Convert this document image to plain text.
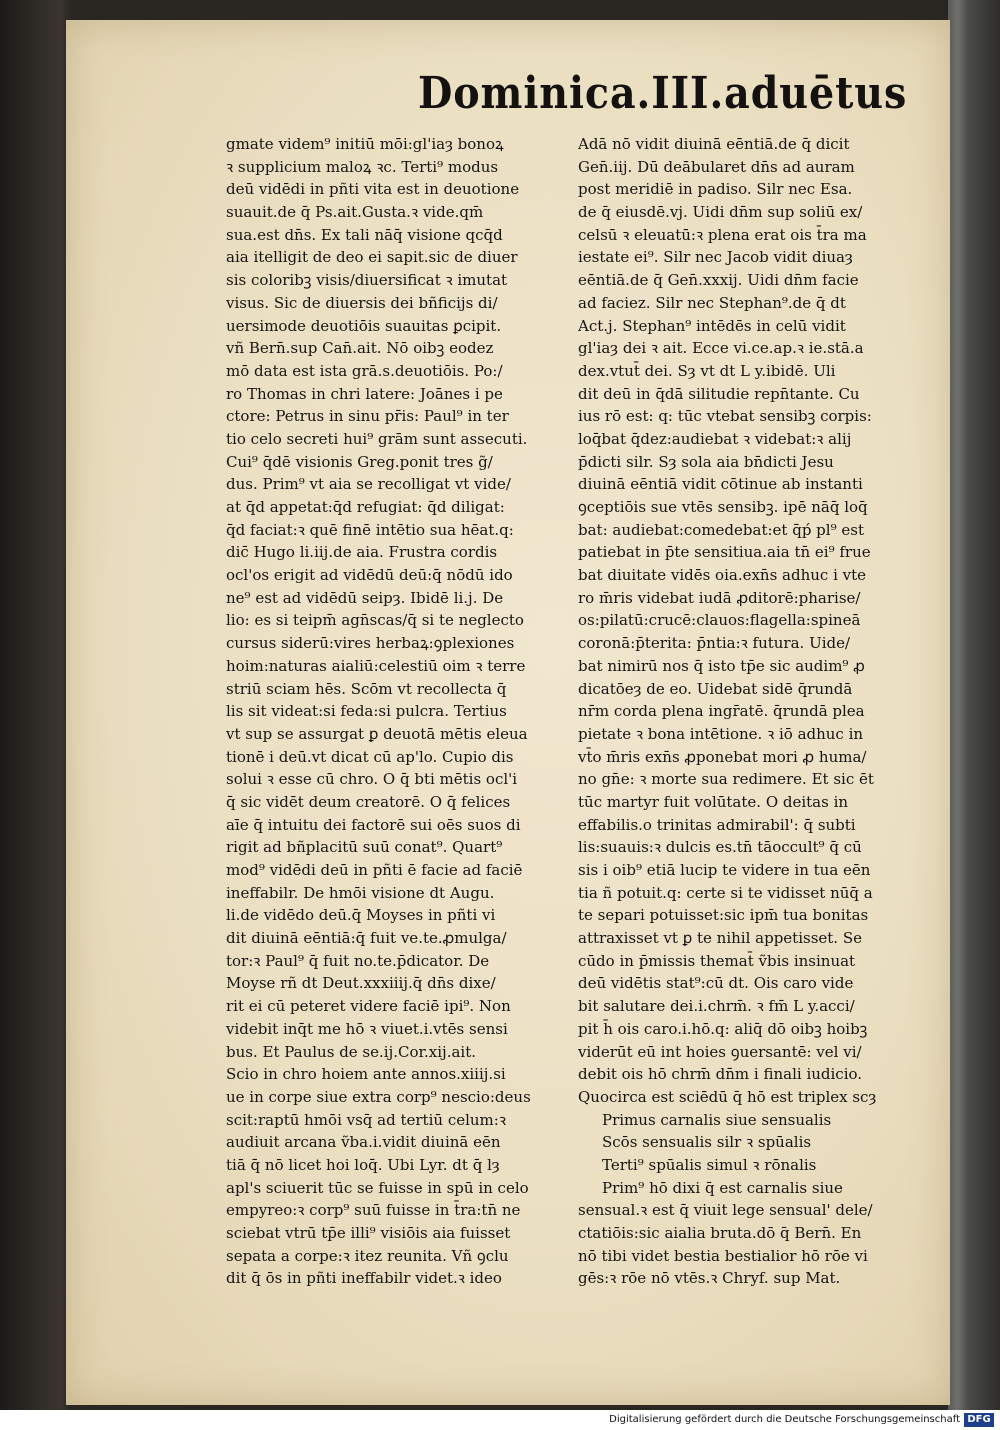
Dominica.III.aduētus
gmate videm⁹ initiū mōi:gl'iaȝ bonoꝝ
ꝛ supplicium maloꝝ ꝛc. Terti⁹ modus
deū vidēdi in pñti vita est in deuotione
suauit.de q̄ Ps.ait.Gusta.ꝛ vide.qm̄
sua.est dn̄s. Ex tali nāq̄ visione qcq̄d
aia itelligit de deo ei sapit.sic de diuer
sis coloribꝫ visis/diuersificat ꝛ imutat
visus. Sic de diuersis dei bñficijs di/
uersimode deuotiōis suauitas ꝑcipit.
vñ Bern̄.sup Can̄.ait. Nō oibꝫ eodez
mō data est ista grā.s.deuotiōis. Po:/
ro Thomas in chri latere: Joānes i pe
ctore: Petrus in sinu pr̄is: Paul⁹ in ter
tio celo secreti hui⁹ grām sunt assecuti.
Cui⁹ q̄dē visionis Greg.ponit tres g̃/
dus. Prim⁹ vt aia se recolligat vt vide/
at q̄d appetat:q̄d refugiat: q̄d diligat:
q̄d faciat:ꝛ quē finē intētio sua hēat.q:
dic̄ Hugo li.iij.de aia. Frustra cordis
ocl'os erigit ad vidēdū deū:q̄ nōdū ido
ne⁹ est ad vidēdū seipȝ. Ibidē li.j. De
lio: es si teipm̄ agn̄scas/q̄ si te neglecto
cursus siderū:vires herbaꝝ:ꝯplexiones
hoim:naturas aialiū:celestiū oim ꝛ terre
striū sciam hēs. Scōm vt recollecta q̄
lis sit videat:si feda:si pulcra. Tertius
vt sup se assurgat ꝑ deuotā mētis eleua
tionē i deū.vt dicat cū ap'lo. Cupio dis
solui ꝛ esse cū chro. O q̄ bti mētis ocl'i
q̄ sic vidēt deum creatorē. O q̄ felices
aīe q̄ intuitu dei factorē sui oēs suos di
rigit ad bñplacitū suū conat⁹. Quart⁹
mod⁹ vidēdi deū in pñti ē facie ad faciē
ineffabilr. De hmōi visione dt Augu.
li.de vidēdo deū.q̄ Moyses in pñti vi
dit diuinā eēntiā:q̄ fuit ve.te.ꝓmulga/
tor:ꝛ Paul⁹ q̄ fuit no.te.p̄dicator. De
Moyse rñ dt Deut.xxxiiij.q̄ dn̄s dixe/
rit ei cū peteret videre faciē ipi⁹. Non
videbit inq̄t me hō ꝛ viuet.i.vtēs sensi
bus. Et Paulus de se.ij.Cor.xij.ait.
Scio in chro hoiem ante annos.xiiij.si
ue in corpe siue extra corp⁹ nescio:deus
scit:raptū hmōi vsq̄ ad tertiū celum:ꝛ
audiuit arcana ṽba.i.vidit diuinā eēn
tiā q̄ nō licet hoi loq̄. Ubi Lyr. dt q̄ lȝ
apl's sciuerit tūc se fuisse in spū in celo
empyreo:ꝛ corp⁹ suū fuisse in t̄ra:tn̄ ne
sciebat vtrū tp̄e illi⁹ visiōis aia fuisset
sepata a corpe:ꝛ itez reunita. Vñ ꝯclu
dit q̄ ōs in pñti ineffabilr videt.ꝛ ideo
Adā nō vidit diuinā eēntiā.de q̄ dicit
Gen̄.iij. Dū deābularet dn̄s ad auram
post meridiē in padiso. Silr nec Esa.
de q̄ eiusdē.vj. Uidi dn̄m sup soliū ex/
celsū ꝛ eleuatū:ꝛ plena erat ois t̄ra ma
iestate ei⁹. Silr nec Jacob vidit diuaȝ
eēntiā.de q̄ Gen̄.xxxij. Uidi dn̄m facie
ad faciez. Silr nec Stephan⁹.de q̄ dt
Act.j. Stephan⁹ intēdēs in celū vidit
gl'iaȝ dei ꝛ ait. Ecce vi.ce.ap.ꝛ ie.stā.a
dex.vtut̄ dei. Sȝ vt dt L y.ibidē. Uli
dit deū in q̄dā silitudie repn̄tante. Cu
ius rō est: q: tūc vtebat sensibꝫ corpis:
loq̄bat q̄dez:audiebat ꝛ videbat:ꝛ alij
p̄dicti silr. Sȝ sola aia bn̄dicti Jesu
diuinā eēntiā vidit cōtinue ab instanti
ꝯceptiōis sue vtēs sensibꝫ. ipē nāq̄ loq̄
bat: audiebat:comedebat:et q̄ṕ pl⁹ est
patiebat in p̄te sensitiua.aia tn̄ ei⁹ frue
bat diuitate vidēs oia.exn̄s adhuc i vte
ro m̄ris videbat iudā ꝓditorē:pharise/
os:pilatū:crucē:clauos:flagella:spineā
coronā:p̄terita: p̄ntia:ꝛ futura. Uide/
bat nimirū nos q̄ isto tp̄e sic audim⁹ ꝓ
dicatōeȝ de eo. Uidebat sidē q̄rundā
nr̄m corda plena ingr̄atē. q̄rundā plea
pietate ꝛ bona intētione. ꝛ iō adhuc in
vt̄o m̄ris exn̄s ꝓponebat mori ꝓ huma/
no gn̄e: ꝛ morte sua redimere. Et sic ēt
tūc martyr fuit volūtate. O deitas in
effabilis.o trinitas admirabil': q̄ subti
lis:suauis:ꝛ dulcis es.tn̄ tāoccult⁹ q̄ cū
sis i oib⁹ etiā lucip te videre in tua eēn
tia ñ potuit.q: certe si te vidisset nūq̄ a
te separi potuisset:sic ipm̄ tua bonitas
attraxisset vt ꝑ te nihil appetisset. Se
cūdo in p̄missis themat̄ ṽbis insinuat
deū vidētis stat⁹:cū dt. Ois caro vide
bit salutare dei.i.chrm̄. ꝛ fm̄ L y.acci/
pit h̄ ois caro.i.hō.q: aliq̄ dō oibꝫ hoibꝫ
viderūt eū int hoies ꝯuersantē: vel vi/
debit ois hō chrm̄ dn̄m i finali iudicio.
Quocirca est sciēdū q̄ hō est triplex scȝ
Primus carnalis siue sensualis
Scōs sensualis silr ꝛ spūalis
Terti⁹ spūalis simul ꝛ rōnalis
Prim⁹ hō dixi q̄ est carnalis siue
sensual.ꝛ est q̄ viuit lege sensual' dele/
ctatiōis:sic aialia bruta.dō q̄ Bern̄. En
nō tibi videt bestia bestialior hō rōe vi
gēs:ꝛ rōe nō vtēs.ꝛ Chryf. sup Mat.
Digitalisierung gefördert durch die Deutsche Forschungsgemeinschaft DFG
